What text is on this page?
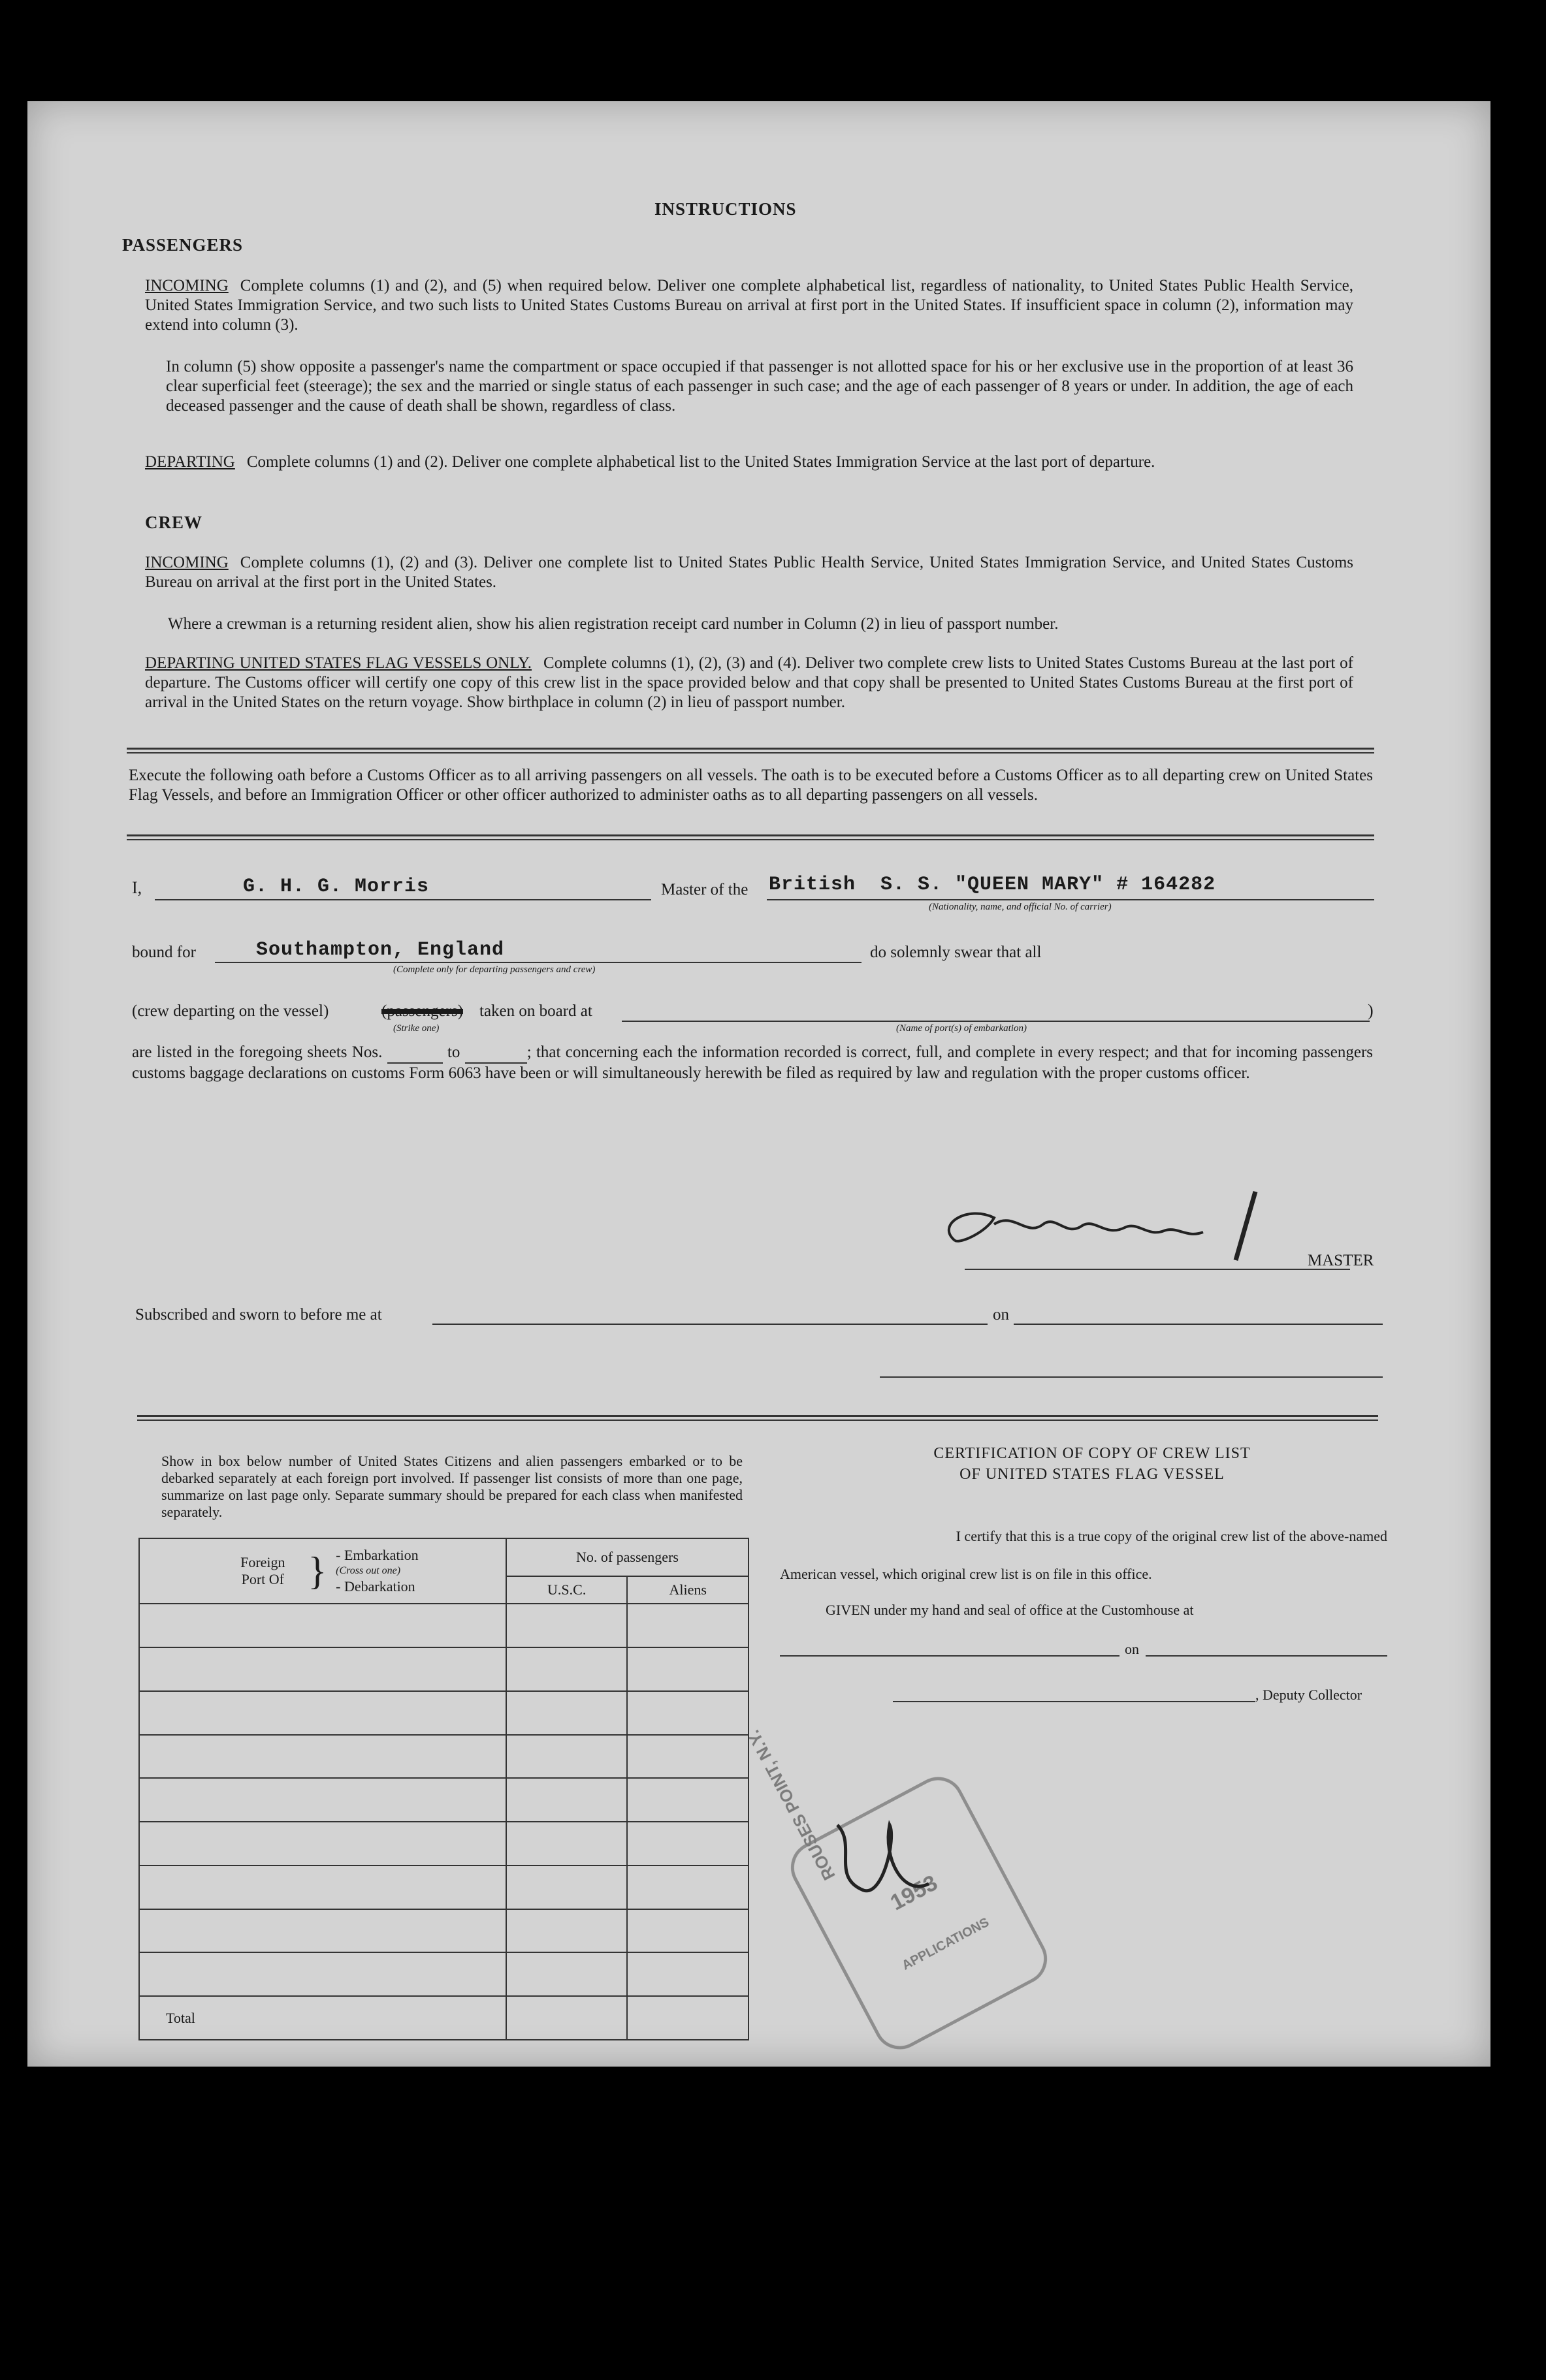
INSTRUCTIONS
PASSENGERS
INCOMING Complete columns (1) and (2), and (5) when required below. Deliver one complete alphabetical list, regardless of nationality, to United States Public Health Service, United States Immigration Service, and two such lists to United States Customs Bureau on arrival at first port in the United States. If insufficient space in column (2), information may extend into column (3).
In column (5) show opposite a passenger's name the compartment or space occupied if that passenger is not allotted space for his or her exclusive use in the proportion of at least 36 clear superficial feet (steerage); the sex and the married or single status of each passenger in such case; and the age of each passenger of 8 years or under. In addition, the age of each deceased passenger and the cause of death shall be shown, regardless of class.
DEPARTING Complete columns (1) and (2). Deliver one complete alphabetical list to the United States Immigration Service at the last port of departure.
CREW
INCOMING Complete columns (1), (2) and (3). Deliver one complete list to United States Public Health Service, United States Immigration Service, and United States Customs Bureau on arrival at the first port in the United States.
Where a crewman is a returning resident alien, show his alien registration receipt card number in Column (2) in lieu of passport number.
DEPARTING UNITED STATES FLAG VESSELS ONLY. Complete columns (1), (2), (3) and (4). Deliver two complete crew lists to United States Customs Bureau at the last port of departure. The Customs officer will certify one copy of this crew list in the space provided below and that copy shall be presented to United States Customs Bureau at the first port of arrival in the United States on the return voyage. Show birthplace in column (2) in lieu of passport number.
Execute the following oath before a Customs Officer as to all arriving passengers on all vessels. The oath is to be executed before a Customs Officer as to all departing crew on United States Flag Vessels, and before an Immigration Officer or other officer authorized to administer oaths as to all departing passengers on all vessels.
I,	G. H. G. Morris	Master of the British  S. S. "QUEEN MARY" # 164282
(Nationality, name, and official No. of carrier)
bound for	Southampton, England
(Complete only for departing passengers and crew)
do solemnly swear that all
(crew departing on the vessel)	(passengers)
(Strike one)
taken on board at
(Name of port(s) of embarkation)
)
are listed in the foregoing sheets Nos.	to	; that concerning each the information recorded is correct, full, and complete in every respect; and that for incoming passengers customs baggage declarations on customs Form 6063 have been or will simultaneously herewith be filed as required by law and regulation with the proper customs officer.
MASTER
Subscribed and sworn to before me at	on

Show in box below number of United States Citizens and alien passengers embarked or to be debarked separately at each foreign port involved. If passenger list consists of more than one page, summarize on last page only. Separate summary should be prepared for each class when manifested separately.

Foreign Port Of } - Embarkation
(Cross out one)
- Debarkation	No. of passengers	
	U.S.C.	Aliens

Total		
CERTIFICATION OF COPY OF CREW LIST
OF UNITED STATES FLAG VESSEL
I certify that this is a true copy of the original crew list of the above-named
American vessel, which original crew list is on file in this office.
GIVEN under my hand and seal of office at the Customhouse at
on
, Deputy Collector
ROUSES POINT, N.Y.
1953
APPLICATIONS
